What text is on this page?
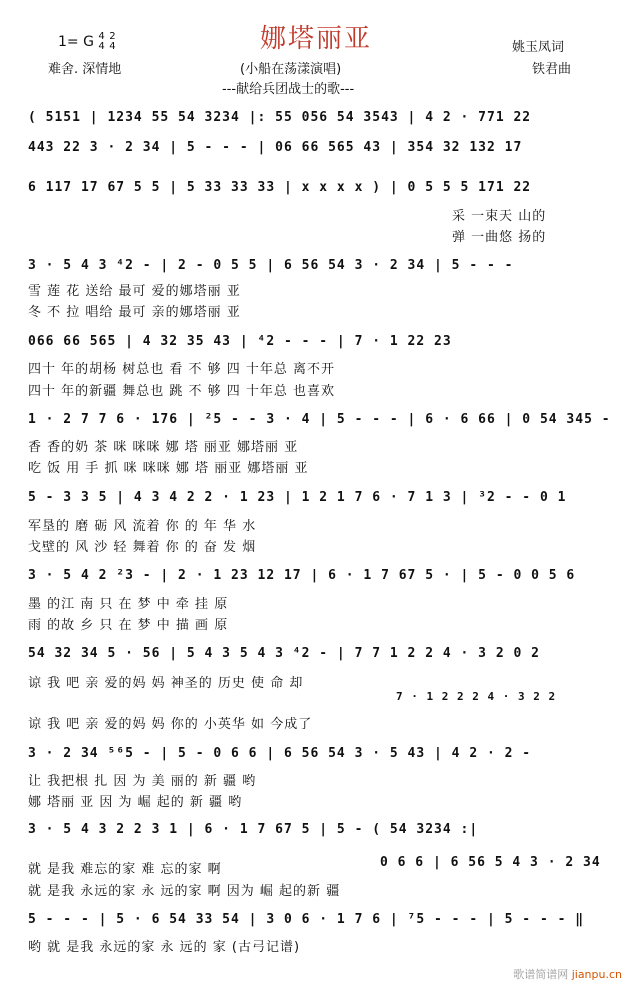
娜塔丽亚
1= G 4
4

2
4
难舍. 深情地	(小船在荡漾演唱)
---献给兵团战士的歌---
姚玉凤词
铁君曲
( 5151 | 1234 55 54 3234 |: 55 056 54 3543 | 4 2 · 771 22
443 22 3 · 2 34 | 5 - - - | 06 66 565 43 | 354 32 132 17
6 117 17 67 5 5 | 5 33 33 33 | x x x x ) | 0 5 5 5 171 22
3 · 5 4 3 ⁴2 - | 2 - 0 5 5 | 6 56 54 3 · 2 34 | 5 - - -
066 66 565 | 4 32 35 43 | ⁴2 - - - | 7 · 1 22 23
1 · 2 7 7 6 · 176 | ²5 - - 3 · 4 | 5 - - - | 6 · 6 66 | 0 54 345 -
5 - 3 3 5 | 4 3 4 2 2 · 1 23 | 1 2 1 7 6 · 7 1 3 | ³2 - - 0 1
3 · 5 4 2 ²3 - | 2 · 1 23 12 17 | 6 · 1 7 67 5 · | 5 - 0 0 5 6
54 32 34 5 · 56 | 5 4 3 5 4 3 ⁴2 - | 7 7 1 2 2 4 · 3 2 0 2
3 · 2 34 ⁵⁶5 - | 5 - 0 6 6 | 6 56 54 3 · 5 43 | 4 2 · 2 -
3 · 5 4 3 2 2 3 1 | 6 · 1 7 67 5 | 5 - ( 54 3234 :|
5 - - - | 5 · 6 54 33 54 | 3 0 6 · 1 7 6 | ⁷5 - - - | 5 - - - ‖
7 · 1 2 2 2 4 · 3 2 2
0 6 6 | 6 56 5 4 3 · 2 34
采 一束天 山的
弹 一曲悠 扬的
雪 莲 花 送给 最可 爱的娜塔丽 亚
冬 不 拉 唱给 最可 亲的娜塔丽 亚
四十 年的胡杨 树总也 看 不 够 四 十年总 离不开
四十 年的新疆 舞总也 跳 不 够 四 十年总 也喜欢
香 香的奶 茶 咪 咪咪 娜 塔 丽亚 娜塔丽 亚
吃 饭 用 手 抓 咪 咪咪 娜 塔 丽亚 娜塔丽 亚
军垦的 磨 砺 风 流着 你 的 年 华 水
戈壁的 风 沙 轻 舞着 你 的 奋 发 烟
墨 的江 南 只 在 梦 中 牵 挂 原
雨 的故 乡 只 在 梦 中 描 画 原
谅 我 吧 亲 爱的妈 妈 神圣的 历史 使 命 却
谅 我 吧 亲 爱的妈 妈 你的 小英华 如 今成了
让 我把根 扎 因 为 美 丽的 新 疆 哟
娜 塔丽 亚 因 为 崛 起的 新 疆 哟
就 是我 难忘的家 难 忘的家 啊
就 是我 永远的家 永 远的家 啊 因为 崛 起的新 疆
哟 就 是我 永远的家 永 远的 家 (古弓记谱)
歌谱简谱网 jianpu.cn
